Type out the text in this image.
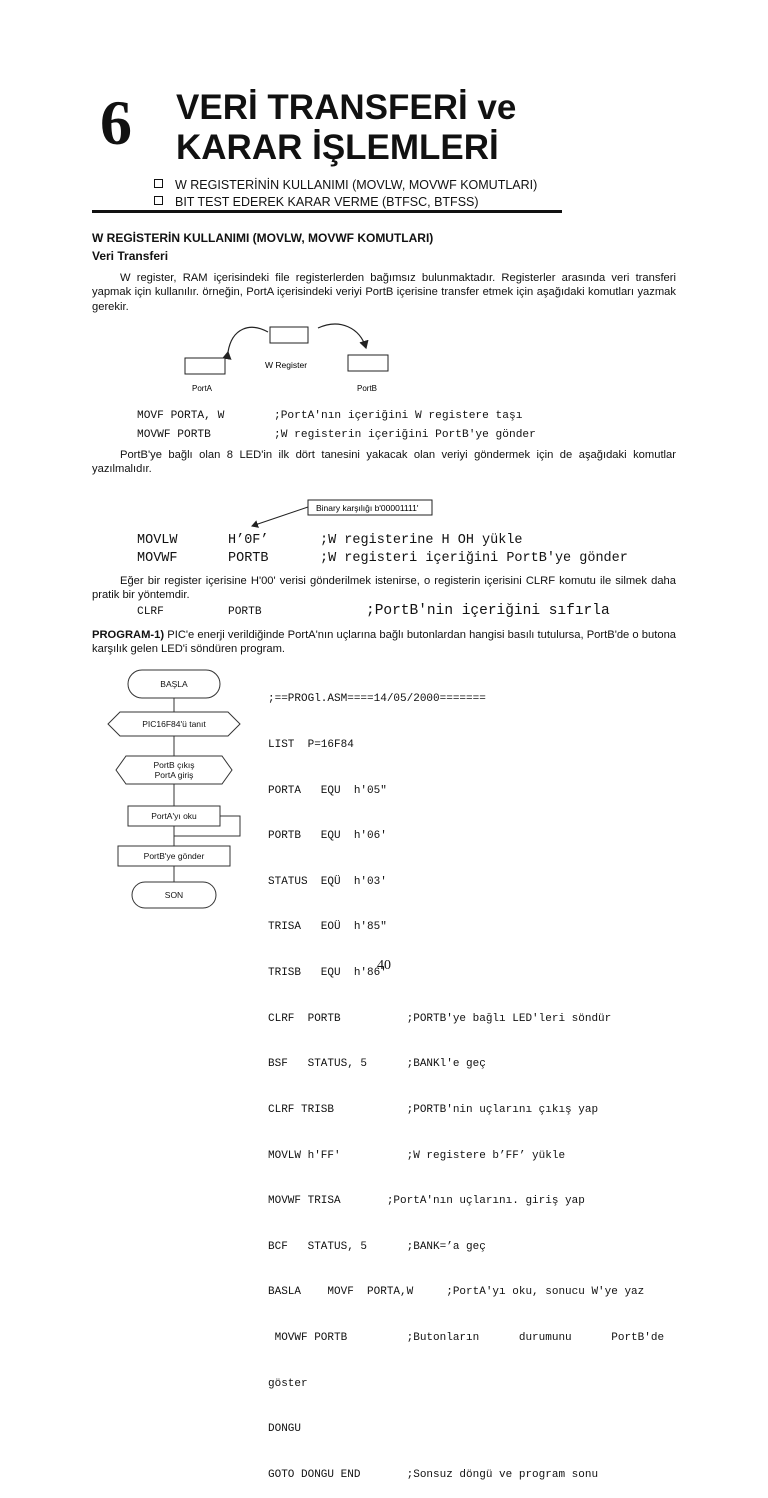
6 VERİ TRANSFERİ ve
KARAR İŞLEMLERİ
W REGISTERİNİN KULLANIMI (MOVLW, MOVWF KOMUTLARI)
BIT TEST EDEREK KARAR VERME (BTFSC, BTFSS)
W REGİSTERİN KULLANIMI (MOVLW, MOVWF KOMUTLARI)
Veri Transferi
W register, RAM içerisindeki file registerlerden bağımsız bulunmaktadır. Registerler arasında veri transferi yapmak için kullanılır. örneğin, PortA içerisindeki veriyi PortB içerisine transfer etmek için aşağıdaki komutları yazmak gerekir.
W Register
PortA	PortB
MOVF PORTA, W	;PortA'nın içeriğini W registere taşı
MOVWF PORTB	;W registerin içeriğini PortB'ye gönder
PortB'ye bağlı olan 8 LED'in ilk dört tanesini yakacak olan veriyi göndermek için de aşağıdaki komutlar yazılmalıdır.
Binary karşılığı b'00001111'
MOVLW	H’0F’	;W registerine H OH yükle
MOVWF	PORTB	;W registeri içeriğini PortB'ye gönder
Eğer bir register içerisine H'00' verisi gönderilmek istenirse, o registerin içerisini CLRF komutu ile silmek daha pratik bir yöntemdir.
CLRF	PORTB	;PortB'nin içeriğini sıfırla
PROGRAM-1) PIC'e enerji verildiğinde PortA'nın uçlarına bağlı butonlardan hangisi basılı tutulursa, PortB'de o butona karşılık gelen LED'i söndüren program.
BAŞLA
PIC16F84'ü tanıt
PortB çıkış
PortA giriş
PortA'yı oku
PortB'ye gönder
SON

;==PROGl.ASM====14/05/2000=======

LIST  P=16F84

PORTA   EQU  h'05"

PORTB   EQU  h'06'

STATUS  EQÜ  h'03'

TRISA   EOÜ  h'85"

TRISB   EQU  h'86'

CLRF  PORTB          ;PORTB'ye bağlı LED'leri söndür

BSF   STATUS, 5      ;BANKl'e geç

CLRF TRISB           ;PORTB'nin uçlarını çıkış yap

MOVLW h'FF'          ;W registere b’FF’ yükle

MOVWF TRISA       ;PortA'nın uçlarını. giriş yap

BCF   STATUS, 5      ;BANK=’a geç

BASLA    MOVF  PORTA,W     ;PortA'yı oku, sonucu W'ye yaz

MOVWF PORTB         ;Butonların      durumunu      PortB'de

göster

DONGU

GOTO DONGU END       ;Sonsuz döngü ve program sonu

40
